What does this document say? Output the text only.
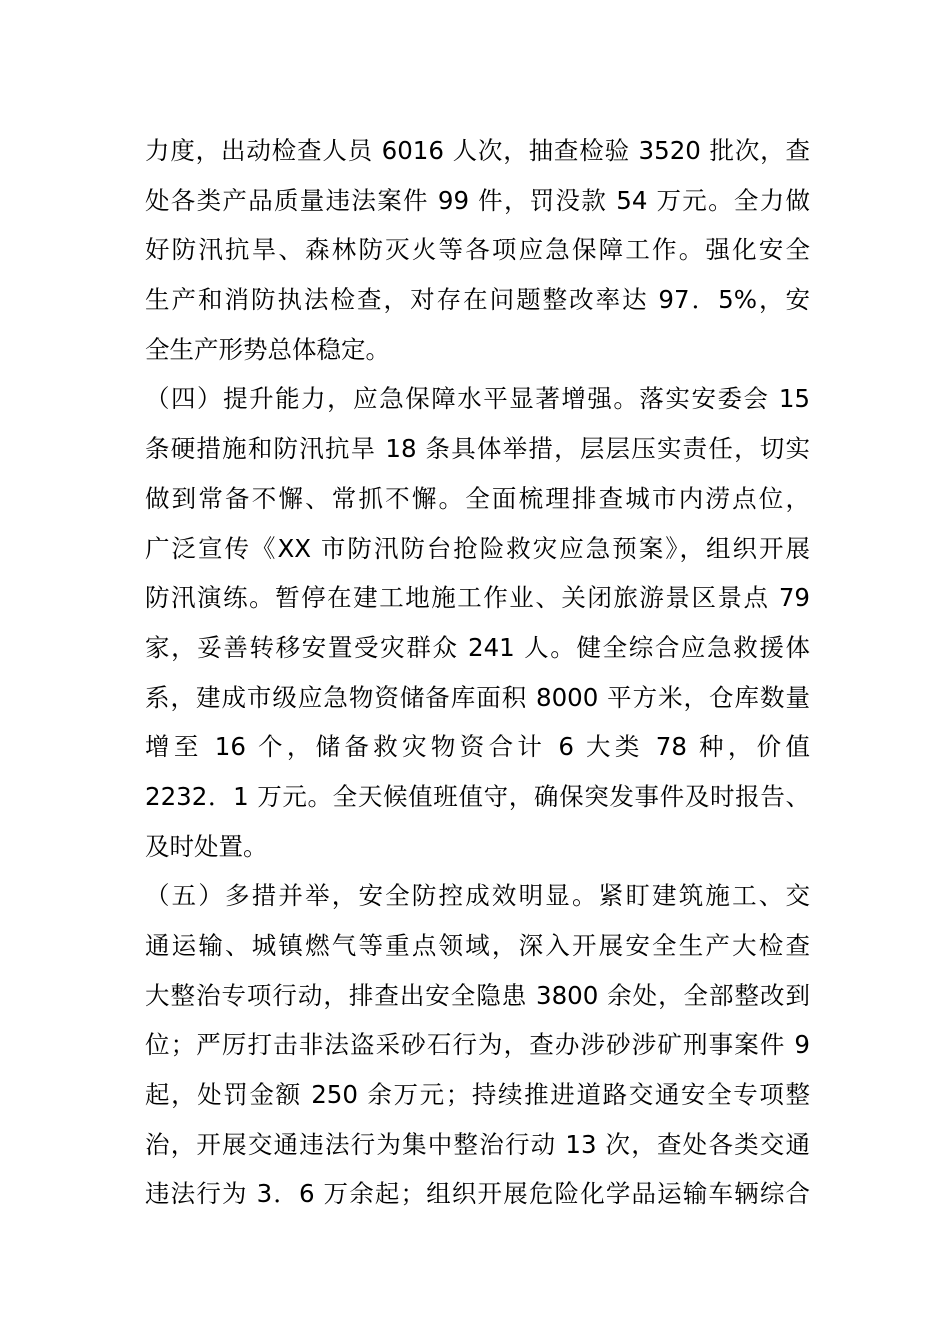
力度，出动检查人员 6016 人次，抽查检验 3520 批次，查
处各类产品质量违法案件 99 件，罚没款 54 万元。全力做
好防汛抗旱、森林防灭火等各项应急保障工作。强化安全
生产和消防执法检查，对存在问题整改率达 97．5%，安
全生产形势总体稳定。
（四）提升能力，应急保障水平显著增强。落实安委会 15
条硬措施和防汛抗旱 18 条具体举措，层层压实责任，切实
做到常备不懈、常抓不懈。全面梳理排查城市内涝点位，
广泛宣传《XX 市防汛防台抢险救灾应急预案》，组织开展
防汛演练。暂停在建工地施工作业、关闭旅游景区景点 79
家，妥善转移安置受灾群众 241 人。健全综合应急救援体
系，建成市级应急物资储备库面积 8000 平方米，仓库数量
增至 16 个，储备救灾物资合计 6 大类 78 种，价值
2232．1 万元。全天候值班值守，确保突发事件及时报告、
及时处置。
（五）多措并举，安全防控成效明显。紧盯建筑施工、交
通运输、城镇燃气等重点领域，深入开展安全生产大检查
大整治专项行动，排查出安全隐患 3800 余处，全部整改到
位；严厉打击非法盗采砂石行为，查办涉砂涉矿刑事案件 9
起，处罚金额 250 余万元；持续推进道路交通安全专项整
治，开展交通违法行为集中整治行动 13 次，查处各类交通
违法行为 3．6 万余起；组织开展危险化学品运输车辆综合
